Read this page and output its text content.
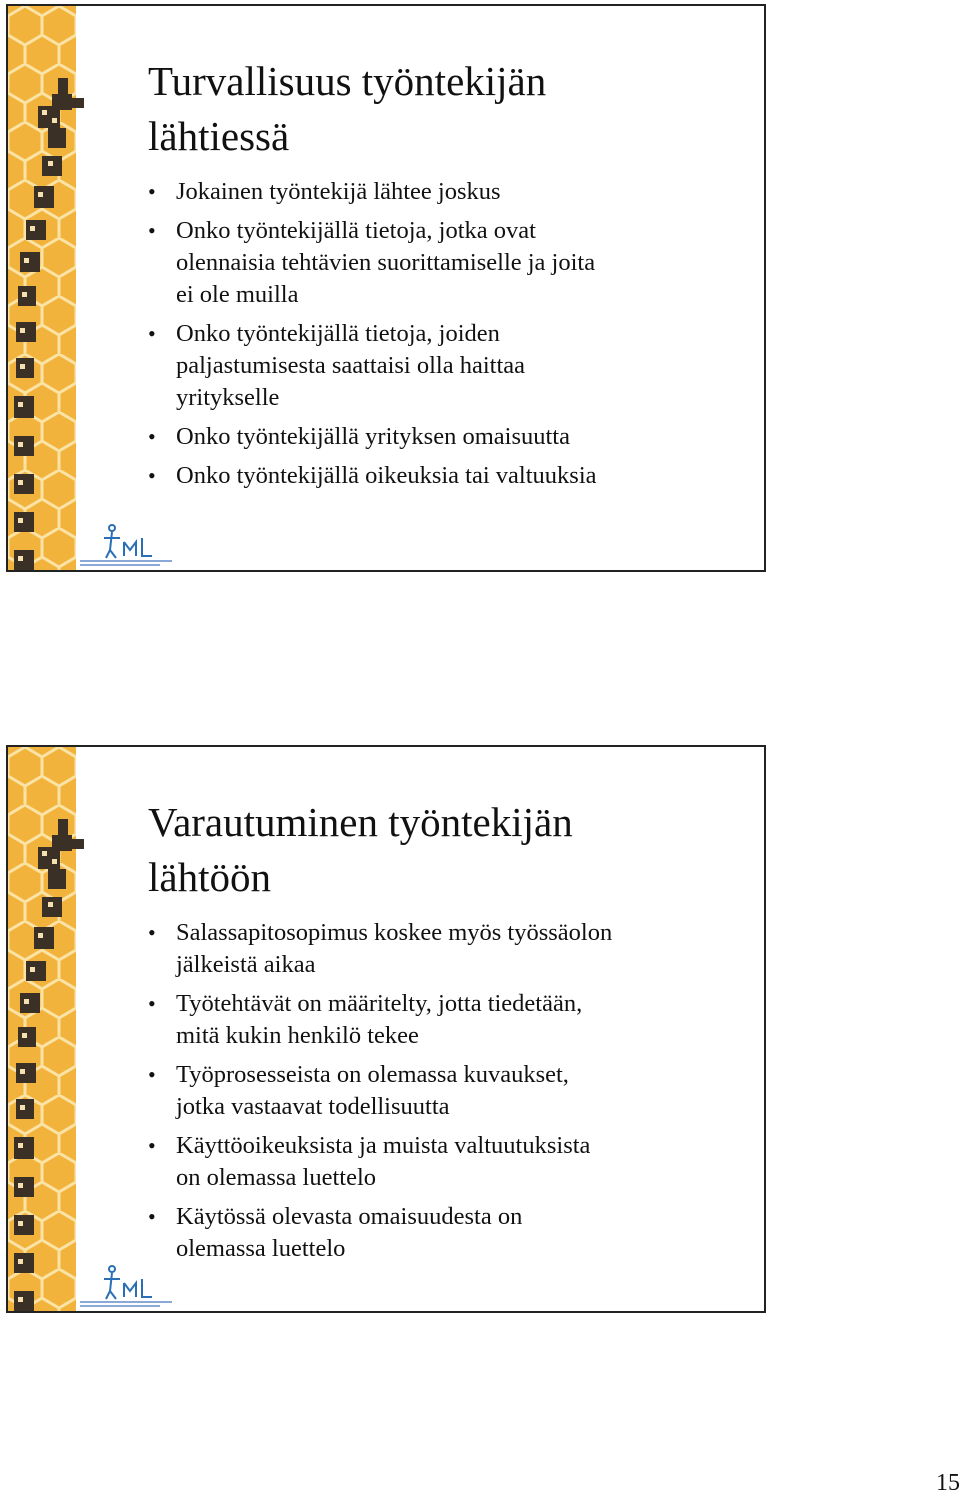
Turvallisuus työntekijän
lähtiessä
• Jokainen työntekijä lähtee joskus
• Onko työntekijällä tietoja, jotka ovat
olennaisia tehtävien suorittamiselle ja joita
ei ole muilla
• Onko työntekijällä tietoja, joiden
paljastumisesta saattaisi olla haittaa
yritykselle
• Onko työntekijällä yrityksen omaisuutta
• Onko työntekijällä oikeuksia tai valtuuksia
Varautuminen työntekijän
lähtöön
• Salassapitosopimus koskee myös työssäolon
jälkeistä aikaa
• Työtehtävät on määritelty, jotta tiedetään,
mitä kukin henkilö tekee
• Työprosesseista on olemassa kuvaukset,
jotka vastaavat todellisuutta
• Käyttöoikeuksista ja muista valtuutuksista
on olemassa luettelo
• Käytössä olevasta omaisuudesta on
olemassa luettelo
15
